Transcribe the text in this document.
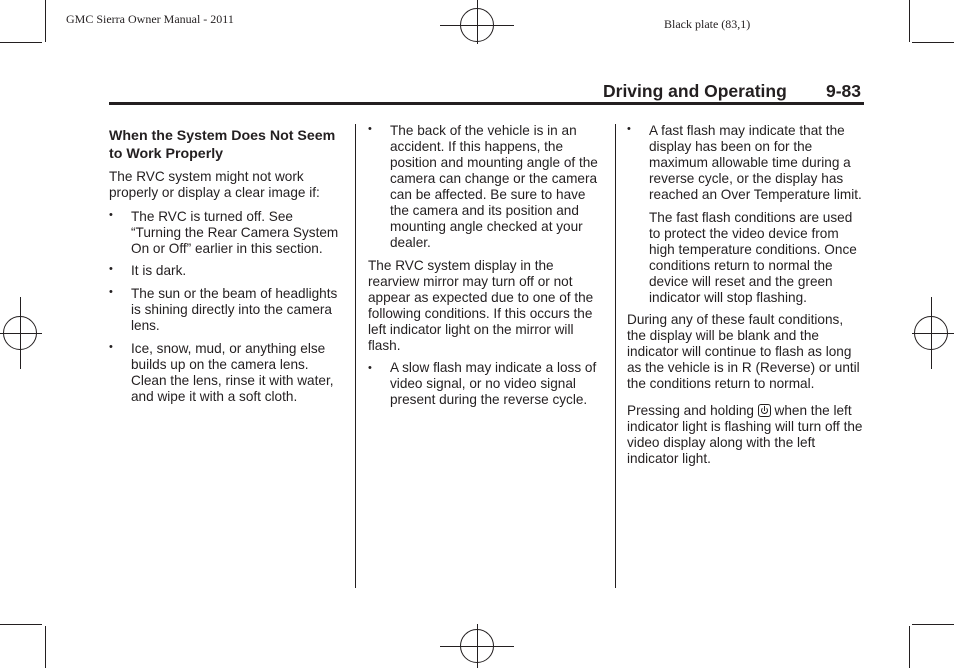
GMC Sierra Owner Manual - 2011	Black plate (83,1)
Driving and Operating 9-83
When the System Does Not Seem to Work Properly

The RVC system might not work properly or display a clear image if:

• The RVC is turned off. See “Turning the Rear Camera System On or Off” earlier in this section.

• It is dark.

• The sun or the beam of headlights is shining directly into the camera lens.

• Ice, snow, mud, or anything else builds up on the camera lens. Clean the lens, rinse it with water, and wipe it with a soft cloth.

• The back of the vehicle is in an accident. If this happens, the position and mounting angle of the camera can change or the camera can be affected. Be sure to have the camera and its position and mounting angle checked at your dealer.

The RVC system display in the rearview mirror may turn off or not appear as expected due to one of the following conditions. If this occurs the left indicator light on the mirror will flash.

• A slow flash may indicate a loss of video signal, or no video signal present during the reverse cycle.

• A fast flash may indicate that the display has been on for the maximum allowable time during a reverse cycle, or the display has reached an Over Temperature limit.

The fast flash conditions are used to protect the video device from high temperature conditions. Once conditions return to normal the device will reset and the green indicator will stop flashing.

During any of these fault conditions, the display will be blank and the indicator will continue to flash as long as the vehicle is in R (Reverse) or until the conditions return to normal.

Pressing and holding when the left indicator light is flashing will turn off the video display along with the left indicator light.
